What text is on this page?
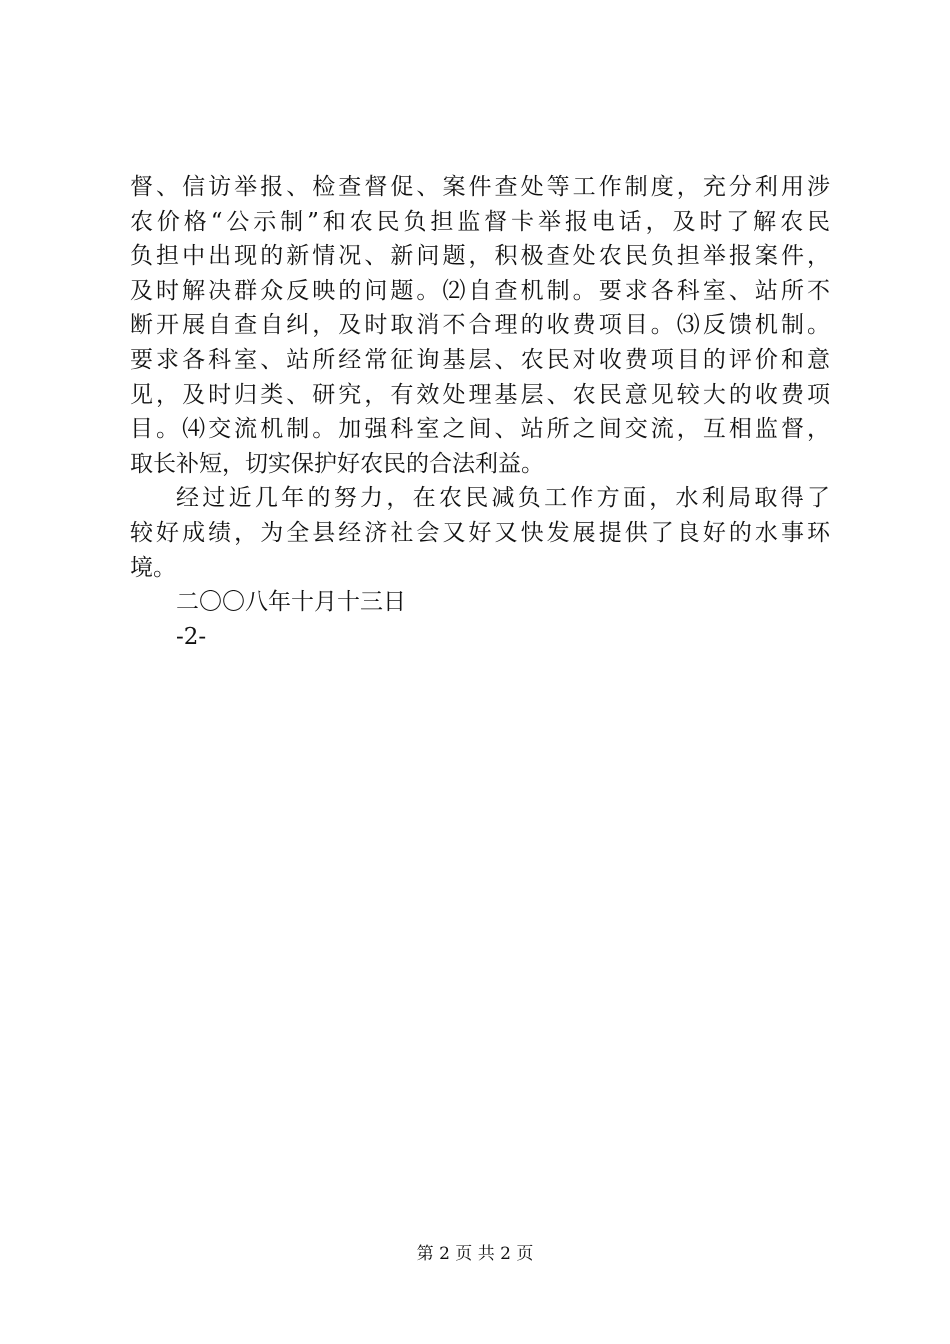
督、信访举报、检查督促、案件查处等工作制度，充分利用涉
农价格“公示制”和农民负担监督卡举报电话，及时了解农民
负担中出现的新情况、新问题，积极查处农民负担举报案件，
及时解决群众反映的问题。⑵自查机制。要求各科室、站所不
断开展自查自纠，及时取消不合理的收费项目。⑶反馈机制。
要求各科室、站所经常征询基层、农民对收费项目的评价和意
见，及时归类、研究，有效处理基层、农民意见较大的收费项
目。⑷交流机制。加强科室之间、站所之间交流，互相监督，
取长补短，切实保护好农民的合法利益。
经过近几年的努力，在农民减负工作方面，水利局取得了
较好成绩，为全县经济社会又好又快发展提供了良好的水事环
境。
二〇〇八年十月十三日
-2-
第 2 页 共 2 页
